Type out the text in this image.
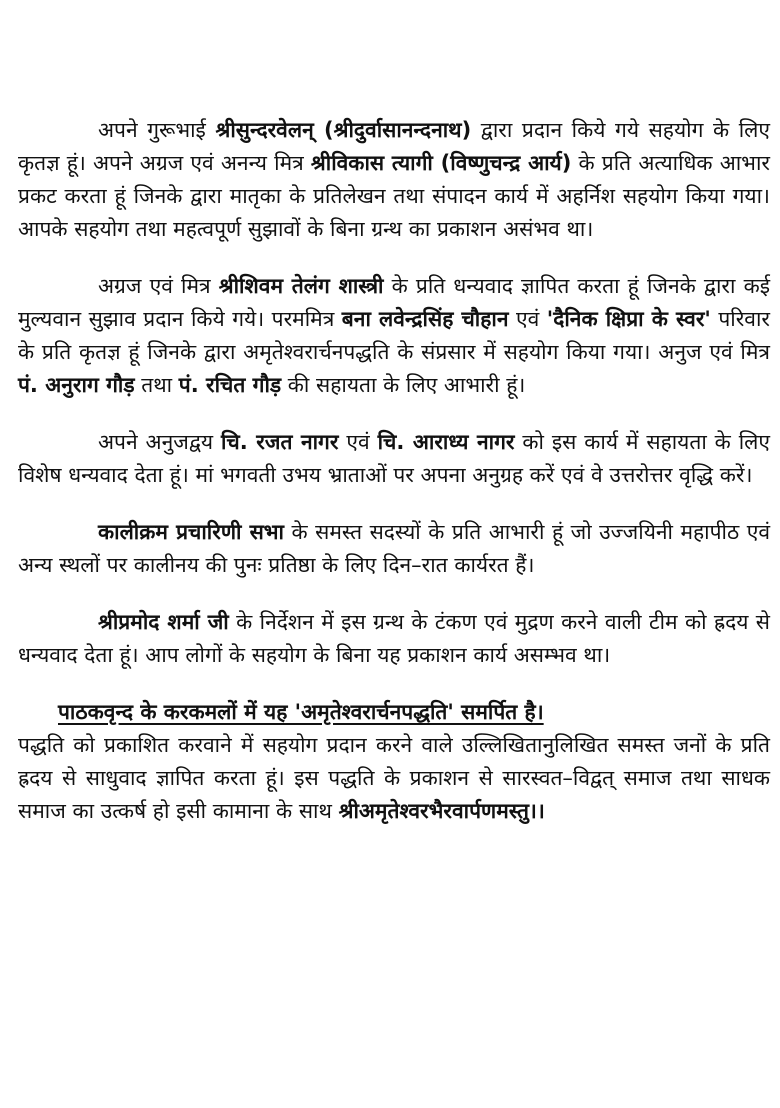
अपने गुरूभाई श्रीसुन्दरवेलन् (श्रीदुर्वासानन्दनाथ) द्वारा प्रदान किये गये सहयोग के लिए कृतज्ञ हूं। अपने अग्रज एवं अनन्य मित्र श्रीविकास त्यागी (विष्णुचन्द्र आर्य) के प्रति अत्याधिक आभार प्रकट करता हूं जिनके द्वारा मातृका के प्रतिलेखन तथा संपादन कार्य में अहर्निश सहयोग किया गया। आपके सहयोग तथा महत्वपूर्ण सुझावों के बिना ग्रन्थ का प्रकाशन असंभव था।

अग्रज एवं मित्र श्रीशिवम तेलंग शास्त्री के प्रति धन्यवाद ज्ञापित करता हूं जिनके द्वारा कई मुल्यवान सुझाव प्रदान किये गये। परममित्र बना लवेन्द्रसिंह चौहान एवं 'दैनिक क्षिप्रा के स्वर' परिवार के प्रति कृतज्ञ हूं जिनके द्वारा अमृतेश्वरार्चनपद्धति के संप्रसार में सहयोग किया गया। अनुज एवं मित्र पं. अनुराग गौड़ तथा पं. रचित गौड़ की सहायता के लिए आभारी हूं।

अपने अनुजद्वय चि. रजत नागर एवं चि. आराध्य नागर को इस कार्य में सहायता के लिए विशेष धन्यवाद देता हूं। मां भगवती उभय भ्राताओं पर अपना अनुग्रह करें एवं वे उत्तरोत्तर वृद्धि करें।

कालीक्रम प्रचारिणी सभा के समस्त सदस्यों के प्रति आभारी हूं जो उज्जयिनी महापीठ एवं अन्य स्थलों पर कालीनय की पुनः प्रतिष्ठा के लिए दिन–रात कार्यरत हैं।

श्रीप्रमोद शर्मा जी के निर्देशन में इस ग्रन्थ के टंकण एवं मुद्रण करने वाली टीम को ह्रदय से धन्यवाद देता हूं। आप लोगों के सहयोग के बिना यह प्रकाशन कार्य असम्भव था।

पाठकवृन्द के करकमलों में यह 'अमृतेश्वरार्चनपद्धति' समर्पित है।
पद्धति को प्रकाशित करवाने में सहयोग प्रदान करने वाले उल्लिखितानुलिखित समस्त जनों के प्रति ह्रदय से साधुवाद ज्ञापित करता हूं। इस पद्धति के प्रकाशन से सारस्वत–विद्वत् समाज तथा साधक समाज का उत्कर्ष हो इसी कामाना के साथ श्रीअमृतेश्वरभैरवार्पणमस्तु।।
